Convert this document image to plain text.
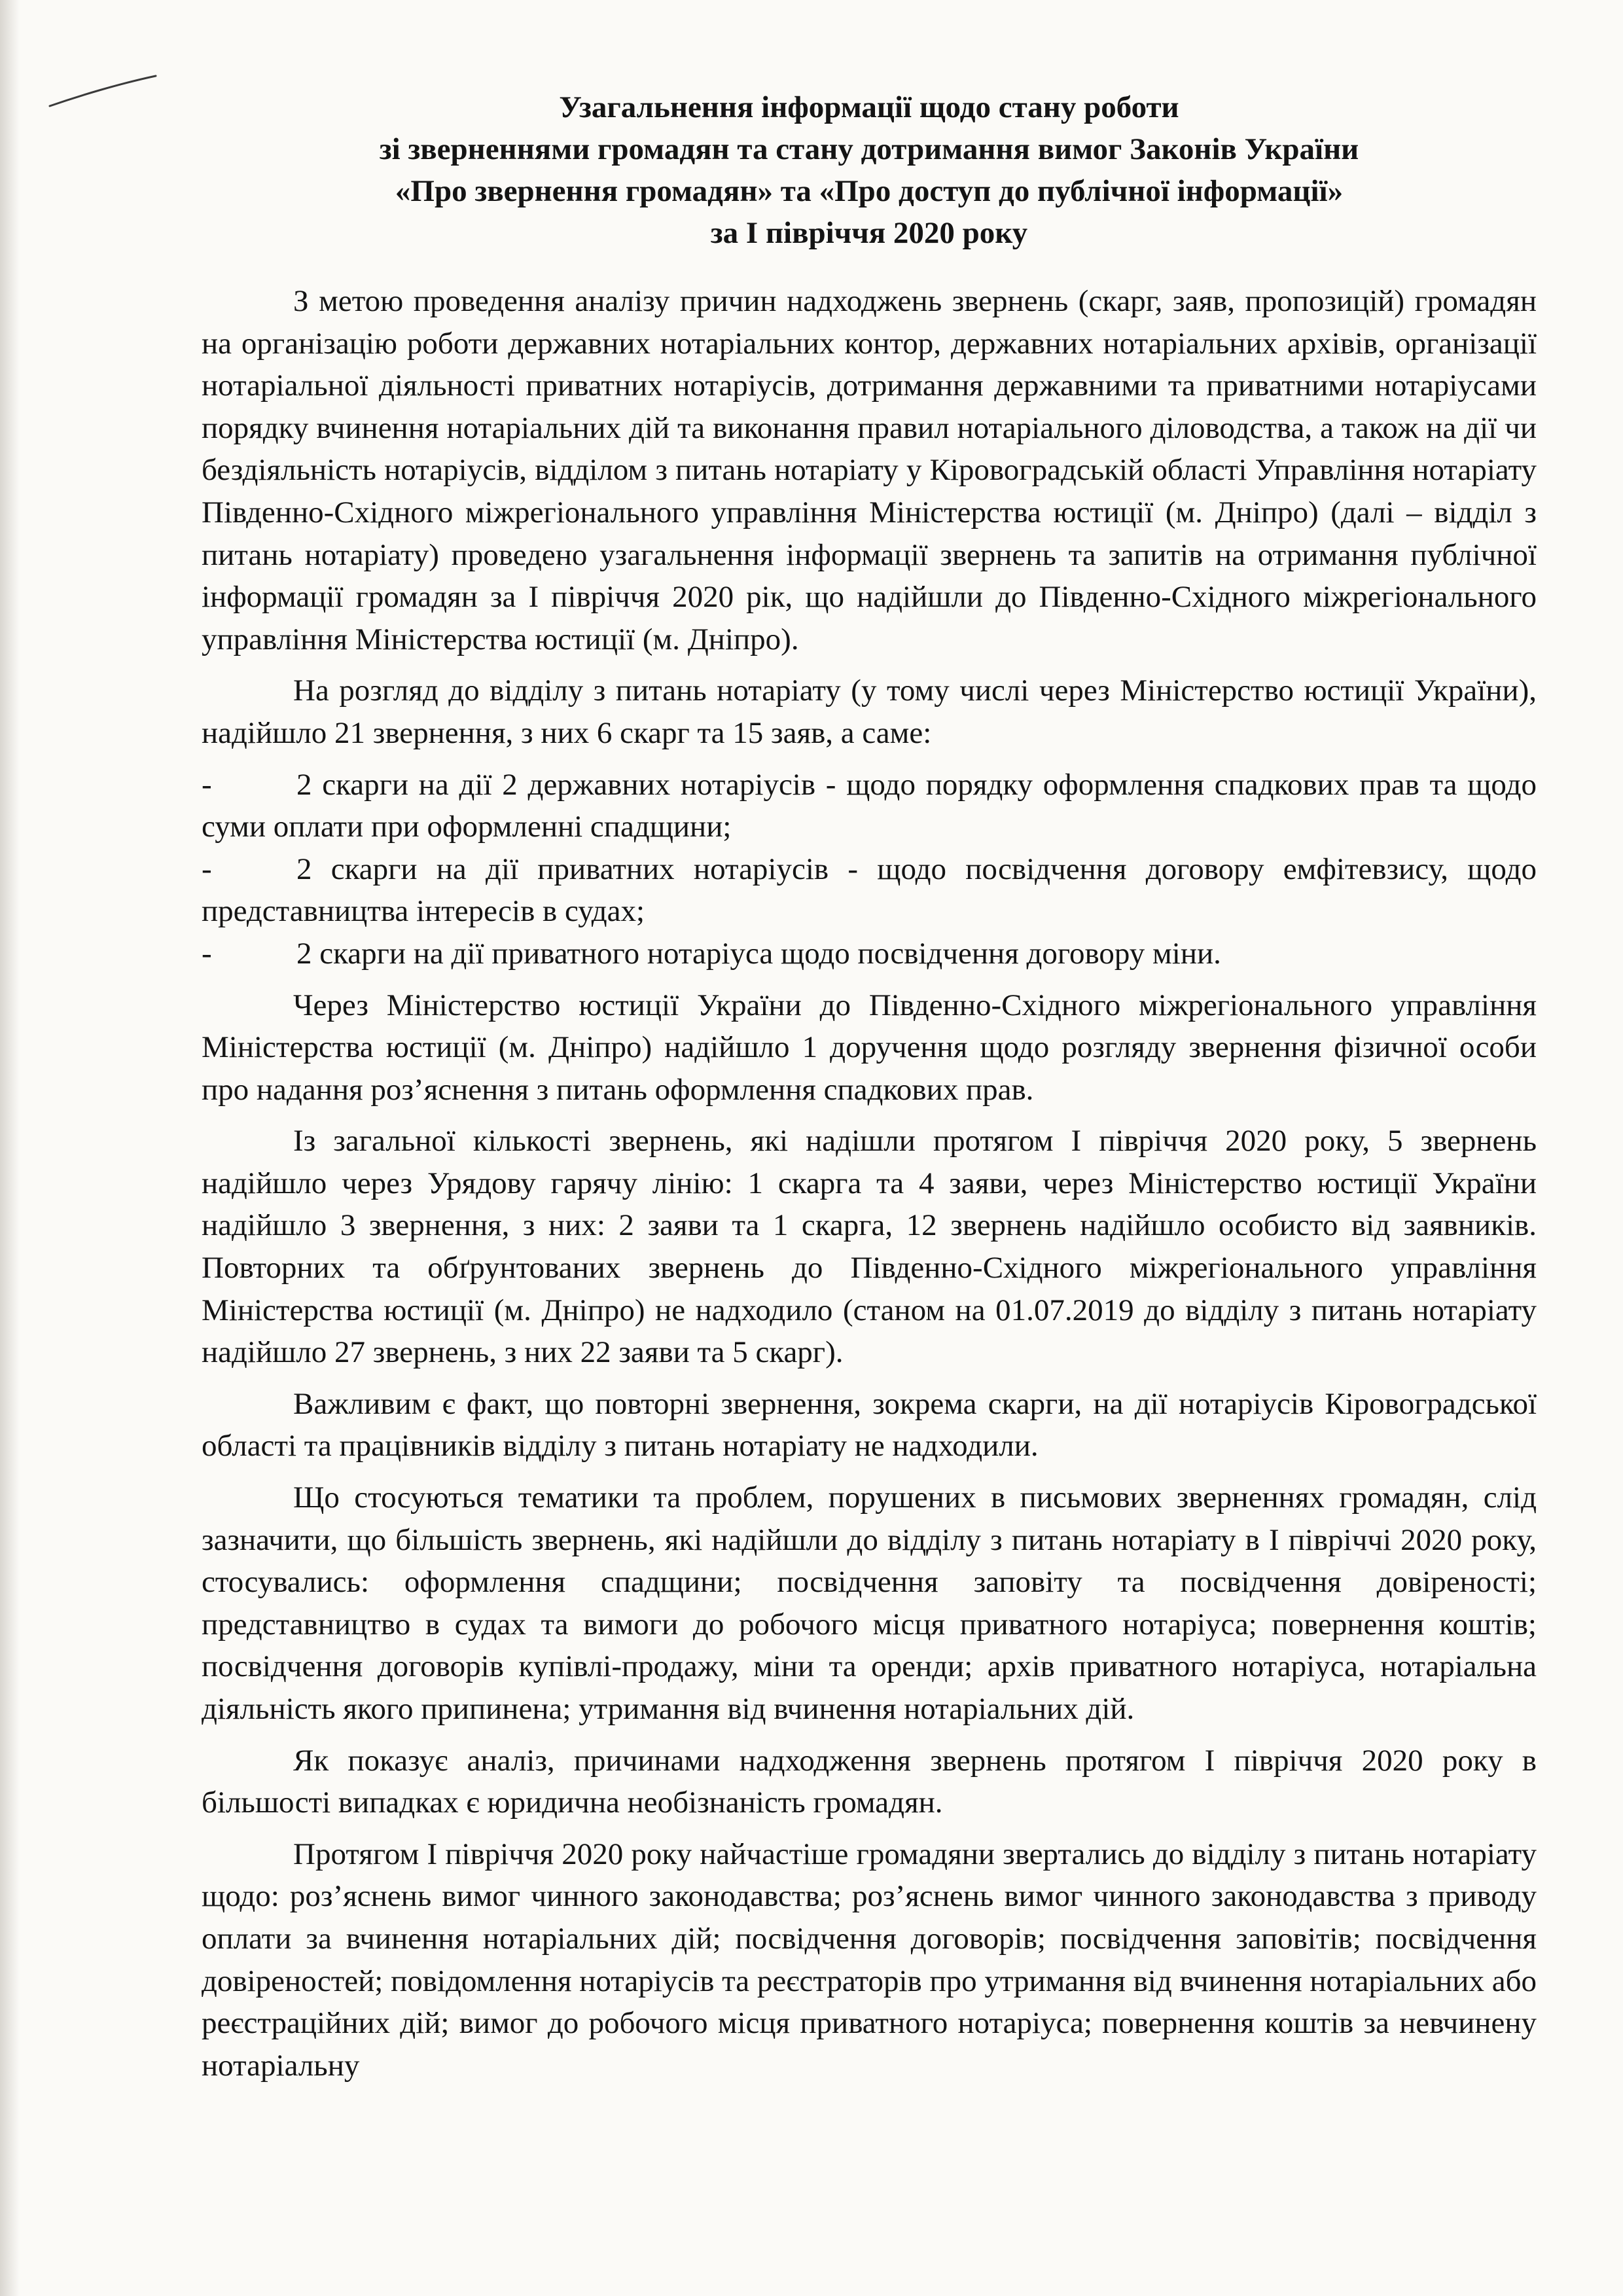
Узагальнення інформації щодо стану роботи
зі зверненнями громадян та стану дотримання вимог Законів України
«Про звернення громадян» та «Про доступ до публічної інформації»
за І півріччя 2020 року

З метою проведення аналізу причин надходжень звернень (скарг, заяв, пропозицій) громадян на організацію роботи державних нотаріальних контор, державних нотаріальних архівів, організації нотаріальної діяльності приватних нотаріусів, дотримання державними та приватними нотаріусами порядку вчинення нотаріальних дій та виконання правил нотаріального діловодства, а також на дії чи бездіяльність нотаріусів, відділом з питань нотаріату у Кіровоградській області Управління нотаріату Південно-Східного міжрегіонального управління Міністерства юстиції (м. Дніпро) (далі – відділ з питань нотаріату) проведено узагальнення інформації звернень та запитів на отримання публічної інформації громадян за І півріччя 2020 рік, що надійшли до Південно-Східного міжрегіонального управління Міністерства юстиції (м. Дніпро).

На розгляд до відділу з питань нотаріату (у тому числі через Міністерство юстиції України), надійшло 21 звернення, з них 6 скарг та 15 заяв, а саме:

-	2 скарги на дії 2 державних нотаріусів - щодо порядку оформлення спадкових прав та щодо суми оплати при оформленні спадщини;

-	2 скарги на дії приватних нотаріусів - щодо посвідчення договору емфітевзису, щодо представництва інтересів в судах;

-	2 скарги на дії приватного нотаріуса щодо посвідчення договору міни.

Через Міністерство юстиції України до Південно-Східного міжрегіонального управління Міністерства юстиції (м. Дніпро) надійшло 1 доручення щодо розгляду звернення фізичної особи про надання роз’яснення з питань оформлення спадкових прав.

Із загальної кількості звернень, які надішли протягом І півріччя 2020 року, 5 звернень надійшло через Урядову гарячу лінію: 1 скарга та 4 заяви, через Міністерство юстиції України надійшло 3 звернення, з них: 2 заяви та 1 скарга, 12 звернень надійшло особисто від заявників. Повторних та обґрунтованих звернень до Південно-Східного міжрегіонального управління Міністерства юстиції (м. Дніпро) не надходило (станом на 01.07.2019 до відділу з питань нотаріату надійшло 27 звернень, з них 22 заяви та 5 скарг).

Важливим є факт, що повторні звернення, зокрема скарги, на дії нотаріусів Кіровоградської області та працівників відділу з питань нотаріату не надходили.

Що стосуються тематики та проблем, порушених в письмових зверненнях громадян, слід зазначити, що більшість звернень, які надійшли до відділу з питань нотаріату в І півріччі 2020 року, стосувались: оформлення спадщини; посвідчення заповіту та посвідчення довіреності; представництво в судах та вимоги до робочого місця приватного нотаріуса; повернення коштів; посвідчення договорів купівлі-продажу, міни та оренди; архів приватного нотаріуса, нотаріальна діяльність якого припинена; утримання від вчинення нотаріальних дій.

Як показує аналіз, причинами надходження звернень протягом І півріччя 2020 року в більшості випадках є юридична необізнаність громадян.

Протягом І півріччя 2020 року найчастіше громадяни звертались до відділу з питань нотаріату щодо: роз’яснень вимог чинного законодавства; роз’яснень вимог чинного законодавства з приводу оплати за вчинення нотаріальних дій; посвідчення договорів; посвідчення заповітів; посвідчення довіреностей; повідомлення нотаріусів та реєстраторів про утримання від вчинення нотаріальних або реєстраційних дій; вимог до робочого місця приватного нотаріуса; повернення коштів за невчинену нотаріальну
